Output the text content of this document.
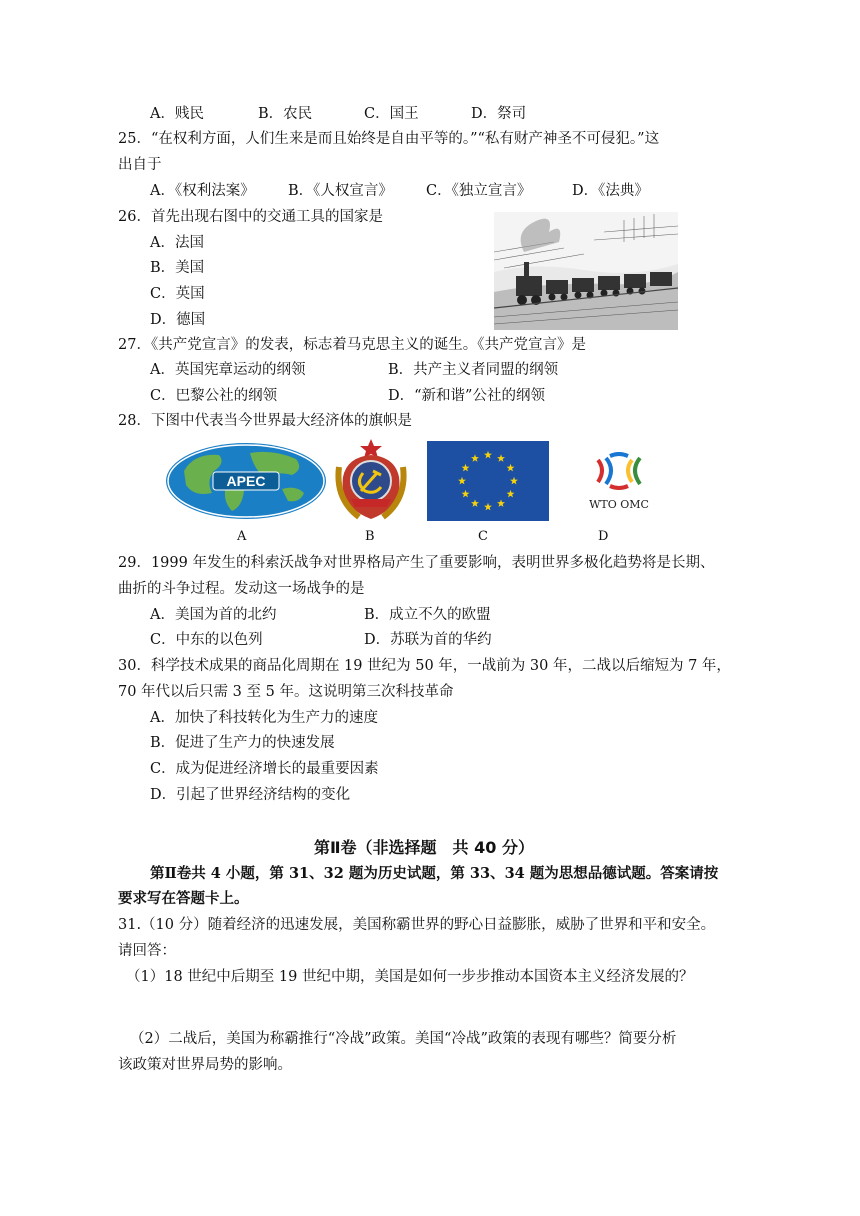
A．贱民	B．农民	C．国王	D．祭司
25．“在权利方面，人们生来是而且始终是自由平等的。”“私有财产神圣不可侵犯。”这
出自于
A．《权利法案》 B．《人权宣言》 C．《独立宣言》	D．《法典》
26．首先出现右图中的交通工具的国家是
A．法国
B．美国
C．英国
D．德国
27．《共产党宣言》的发表，标志着马克思主义的诞生。《共产党宣言》是
A．英国宪章运动的纲领	B．共产主义者同盟的纲领
C．巴黎公社的纲领	D．“新和谐”公社的纲领
28．下图中代表当今世界最大经济体的旗帜是
APEC
WTO OMC
A	B	C	D
29．1999 年发生的科索沃战争对世界格局产生了重要影响，表明世界多极化趋势将是长期、
曲折的斗争过程。发动这一场战争的是
A．美国为首的北约	B．成立不久的欧盟
C．中东的以色列	D．苏联为首的华约
30．科学技术成果的商品化周期在 19 世纪为 50 年，一战前为 30 年，二战以后缩短为 7 年，
70 年代以后只需 3 至 5 年。这说明第三次科技革命
A．加快了科技转化为生产力的速度
B．促进了生产力的快速发展
C．成为促进经济增长的最重要因素
D．引起了世界经济结构的变化
第Ⅱ卷（非选择题　共 40 分）
第Ⅱ卷共 4 小题，第 31、32 题为历史试题，第 33、34 题为思想品德试题。答案请按
要求写在答题卡上。
31.（10 分）随着经济的迅速发展，美国称霸世界的野心日益膨胀，威胁了世界和平和安全。
请回答：
（1）18 世纪中后期至 19 世纪中期，美国是如何一步步推动本国资本主义经济发展的？
（2）二战后，美国为称霸推行“冷战”政策。美国“冷战”政策的表现有哪些？简要分析
该政策对世界局势的影响。
